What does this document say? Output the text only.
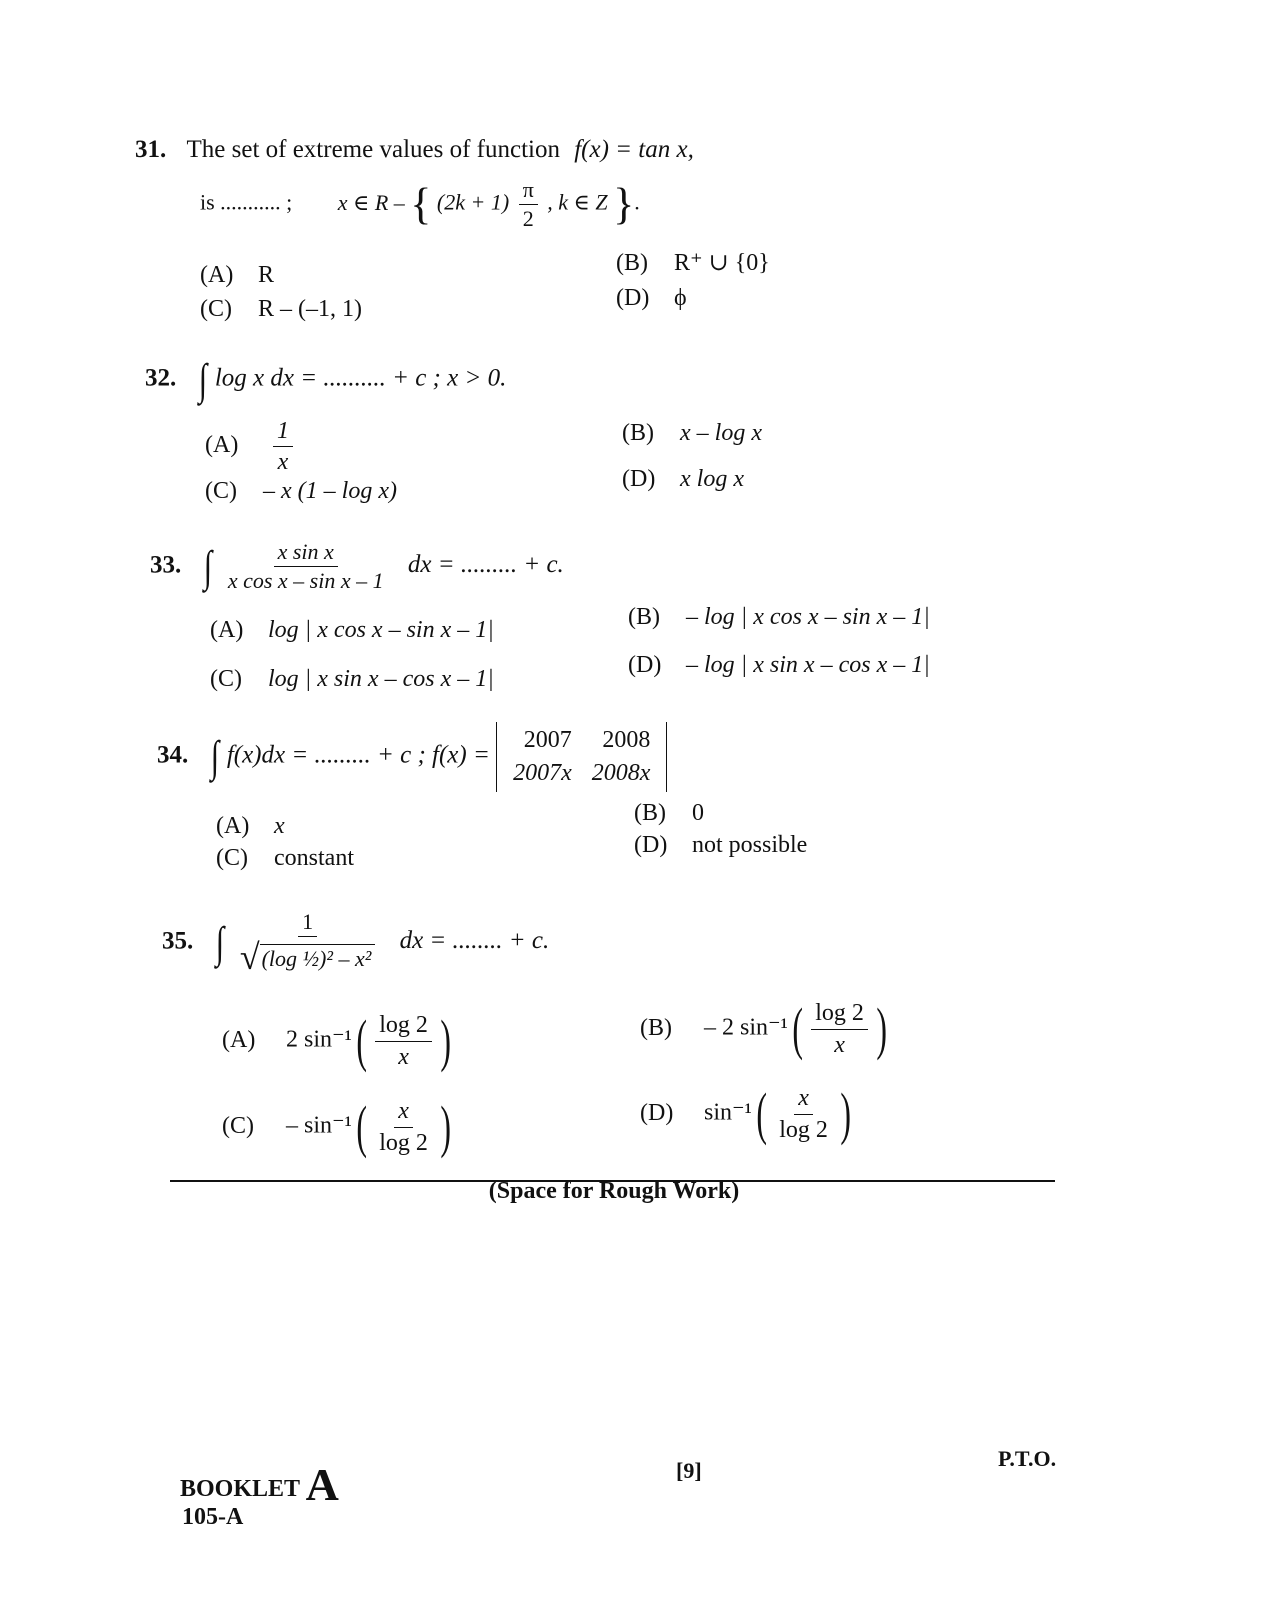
31. The set of extreme values of function f(x) = tan x,
is ........... ; x ∈ R – { $(2k + 1) \frac{\pi}{2}$ , k ∈ Z }.
(A) R	(B) R⁺ ∪ {0}
(C) R – (–1, 1)	(D) ϕ
32. ∫ log x dx = .......... + c ; x > 0.
$(A) \frac{1}{x}$	(B) x – log x
(C) – x (1 – log x)	(D) x log x
33. ∫ $\frac{\text{x sin x}}{\text{x cos x – sin x – 1}}$ dx = ......... + c.
(A) log | x cos x – sin x – 1|	(B) – log | x cos x – sin x – 1|
(C) log | x sin x – cos x – 1|
(D) – log | x sin x – cos x – 1|
34. ∫ f(x)dx = ......... + c ; f(x) =
2007	2008
2007x	2008x
(A) x	(B) 0
(C) constant	(D) not possible
35. ∫ $\frac{1}{\text{√ (log ½)² – x²}}$ dx = ........ + c.
(A) 2 $\sin^{-1}( \frac{\log 2}{x}$ )	(B) – 2 $\sin^{-1}( \frac{\log 2}{x}$ )
$(C) - \sin^{-1}( \frac{x}{\log 2}$ )	(D) $\sin^{-1}( \frac{x}{\log 2}$ )
(Space for Rough Work)
BOOKLET A
105-A
[9]	P.T.O.
